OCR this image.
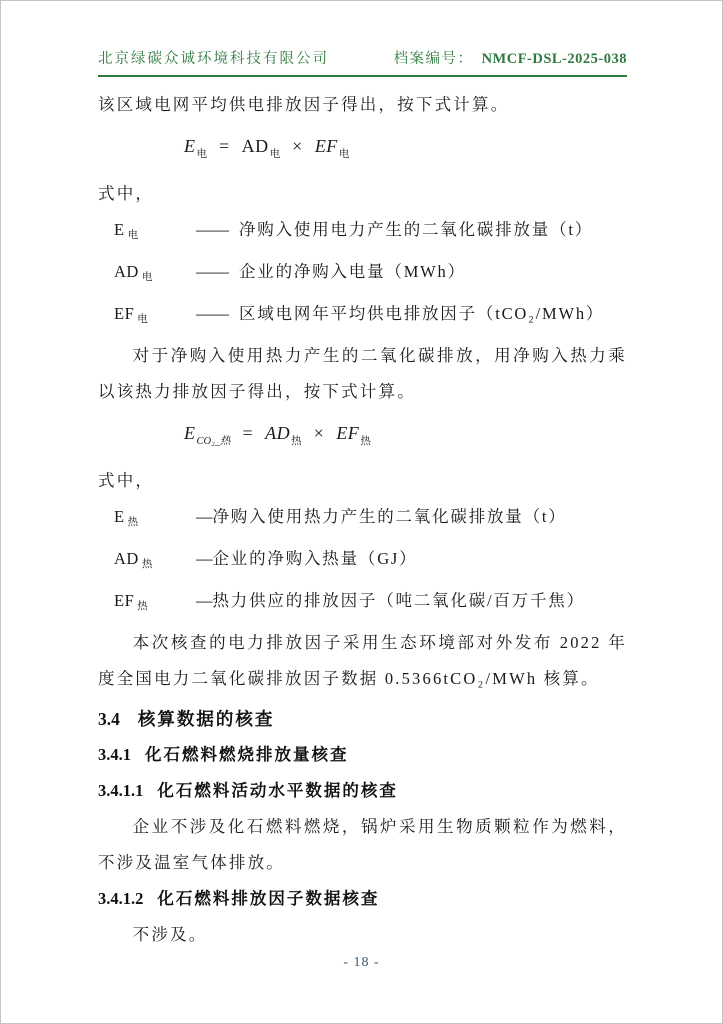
北京绿碳众诚环境科技有限公司	档案编号： NMCF-DSL-2025-038

该区域电网平均供电排放因子得出，按下式计算。

$E_电 = AD_电 \times EF_电$

式中，

E电	—— 净购入使用电力产生的二氧化碳排放量（t）
AD 电	—— 企业的净购入电量（MWh）
EF 电	—— 区域电网年平均供电排放因子（tCO₂/MWh）

对于净购入使用热力产生的二氧化碳排放，用净购入热力乘以该热力排放因子得出，按下式计算。

$E_{CO_2\_热} = AD_热 \times EF_热$

式中，

E热	— 净购入使用热力产生的二氧化碳排放量（t）
AD 热	— 企业的净购入热量（GJ）
EF 热	— 热力供应的排放因子（吨二氧化碳/百万千焦）

本次核查的电力排放因子采用生态环境部对外发布 2022 年度全国电力二氧化碳排放因子数据 0.5366tCO₂/MWh 核算。

3.4 核算数据的核查
3.4.1 化石燃料燃烧排放量核查
3.4.1.1 化石燃料活动水平数据的核查

企业不涉及化石燃料燃烧，锅炉采用生物质颗粒作为燃料，不涉及温室气体排放。

3.4.1.2 化石燃料排放因子数据核查

不涉及。

- 18 -
